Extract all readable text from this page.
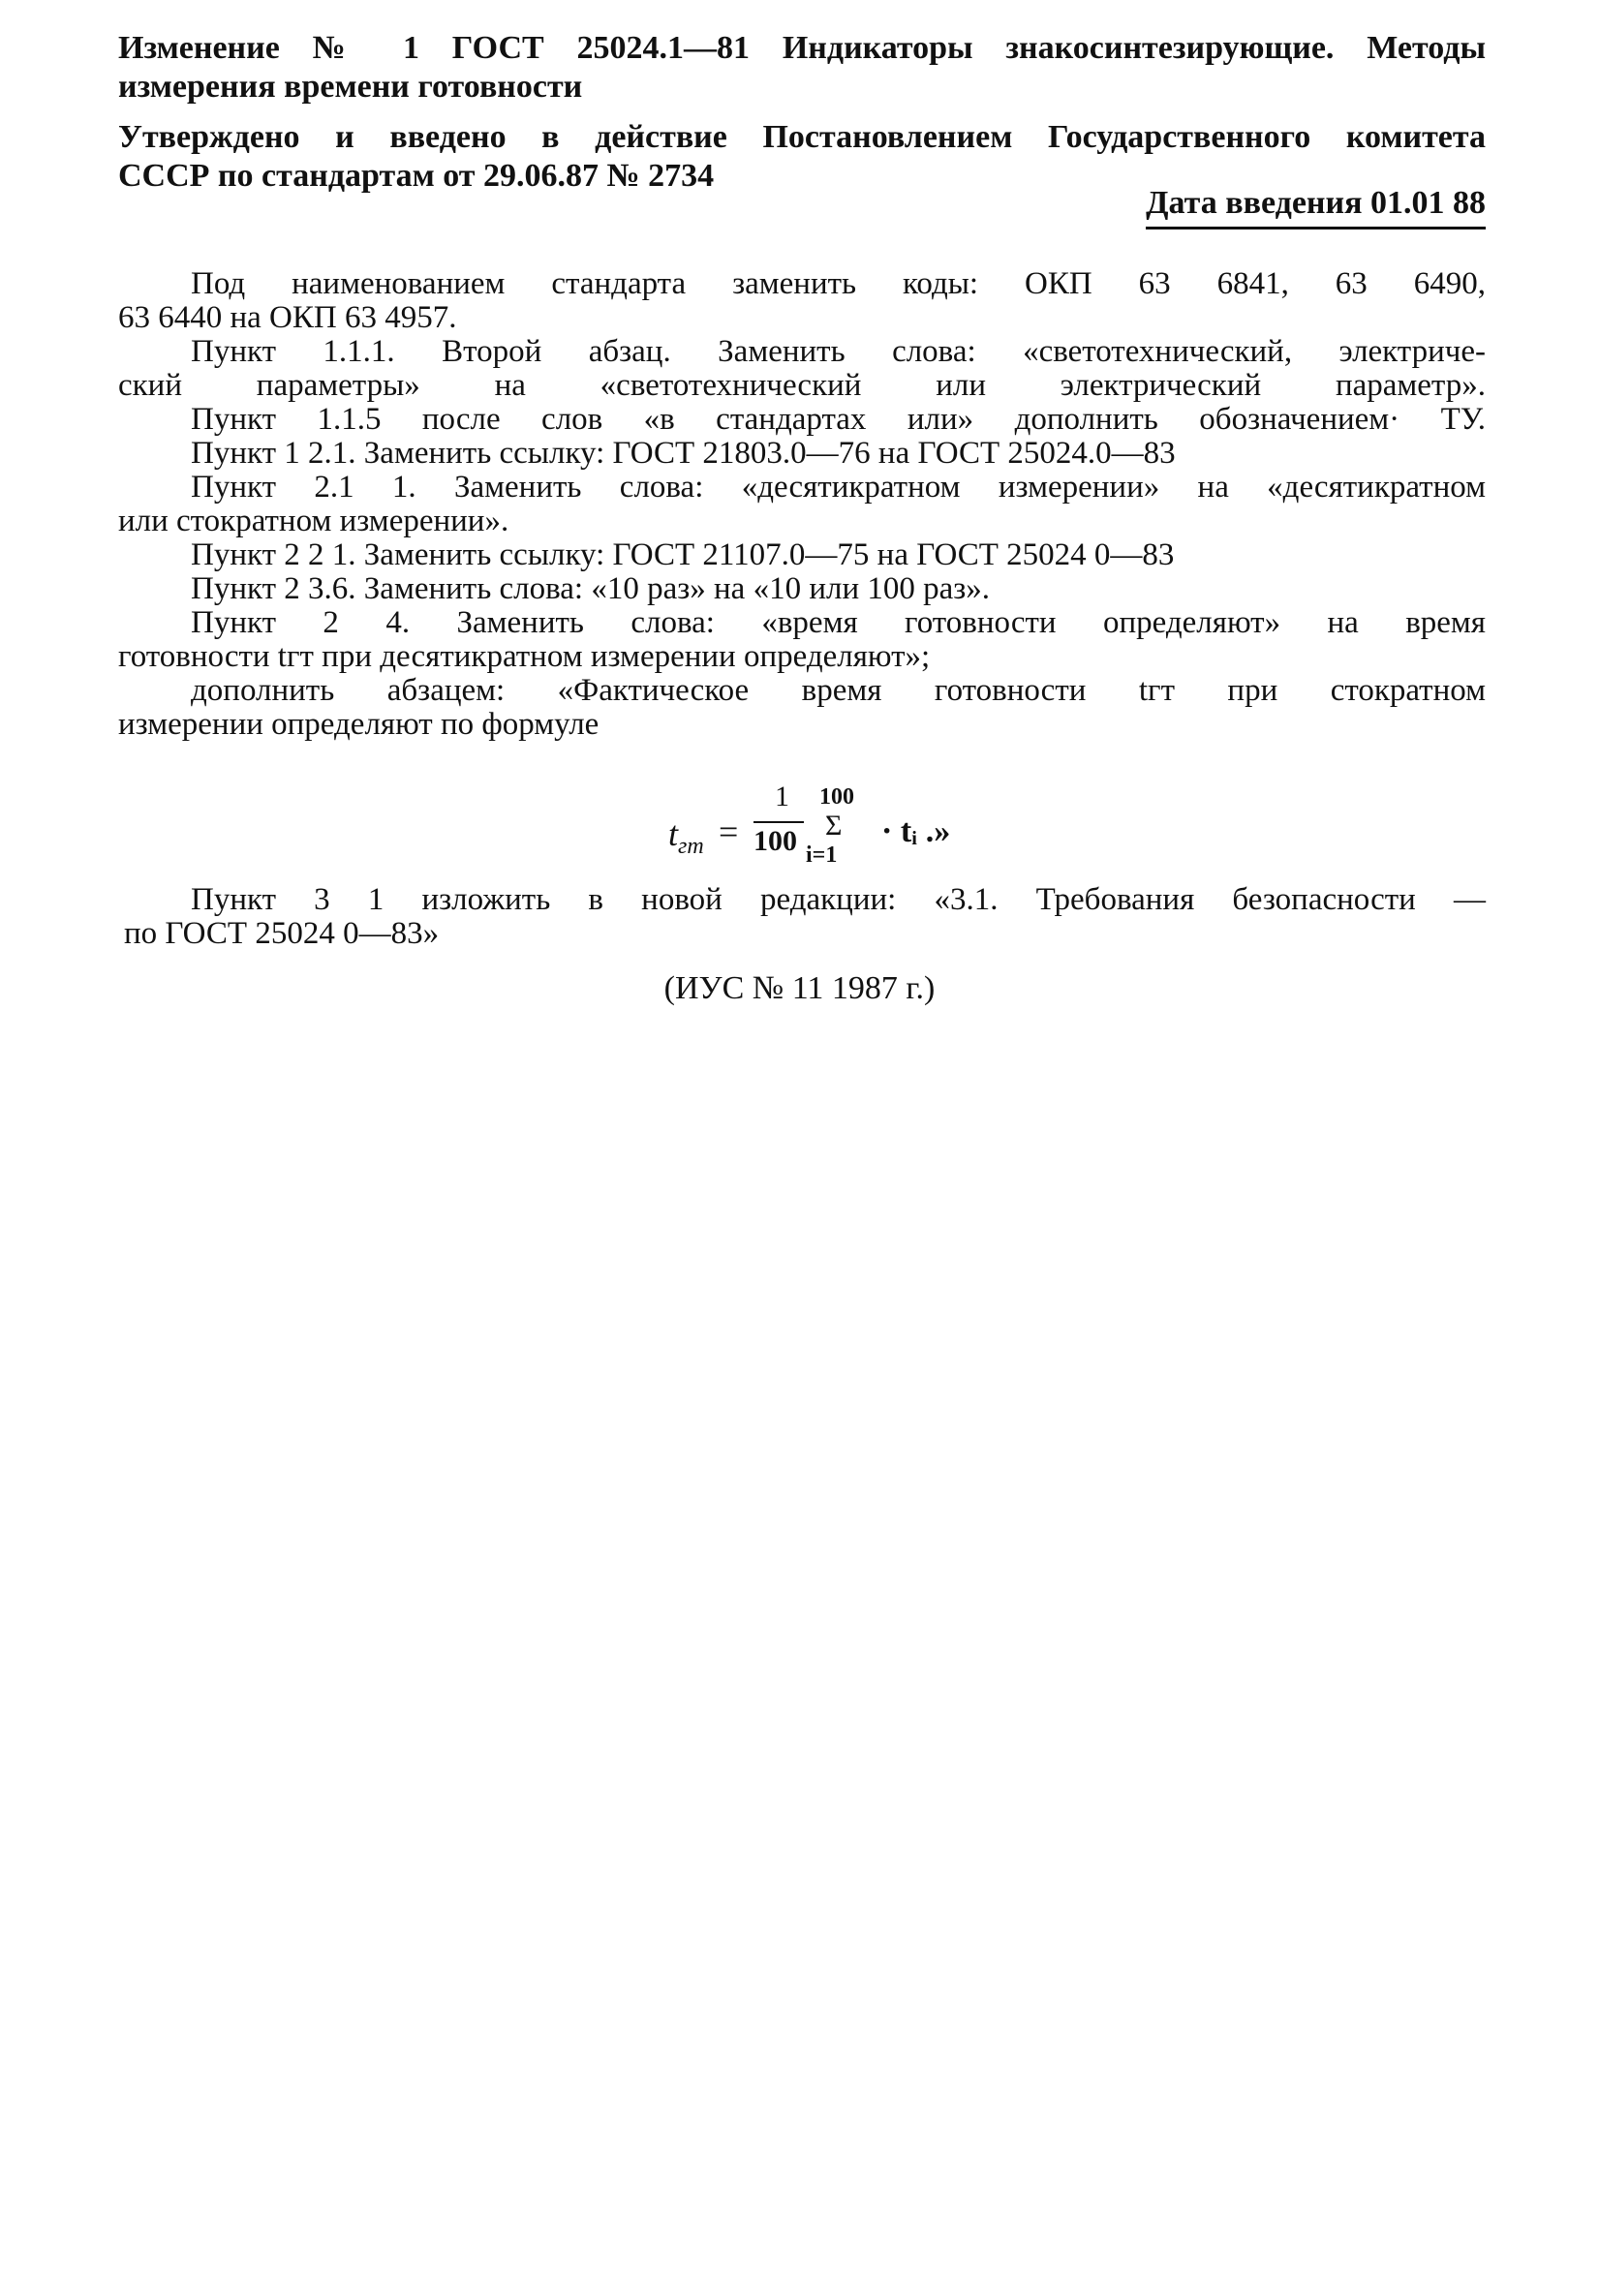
Изменение № 1 ГОСТ 25024.1—81 Индикаторы знакосинтезирующие. Методы

измерения времени готовности

Утверждено и введено в действие Постановлением Государственного комитета

СССР по стандартам от 29.06.87 № 2734

Дата введения 01.01 88

Под наименованием стандарта заменить коды: ОКП 63 6841, 63 6490,

63 6440 на ОКП 63 4957.

Пункт 1.1.1. Второй абзац. Заменить слова: «светотехнический, электриче-

ский параметры» на «светотехнический или электрический параметр».

Пункт 1.1.5 после слов «в стандартах или» дополнить обозначением· ТУ.

Пункт 1 2.1. Заменить ссылку: ГОСТ 21803.0—76 на ГОСТ 25024.0—83

Пункт 2.1 1. Заменить слова: «десятикратном измерении» на «десятикратном

или стократном измерении».

Пункт 2 2 1. Заменить ссылку: ГОСТ 21107.0—75 на ГОСТ 25024 0—83

Пункт 2 3.6. Заменить слова: «10 раз» на «10 или 100 раз».

Пункт 2 4. Заменить слова: «время готовности определяют» на время

готовности tгт при десятикратном измерении определяют»;

дополнить абзацем: «Фактическое время готовности tгт при стократном

измерении определяют по формуле

$t_{гт}$ =
1
100
100
Σ
i=1
· tᵢ .»

Пункт 3 1 изложить в новой редакции: «3.1. Требования безопасности —

по ГОСТ 25024 0—83»

(ИУС № 11 1987 г.)
